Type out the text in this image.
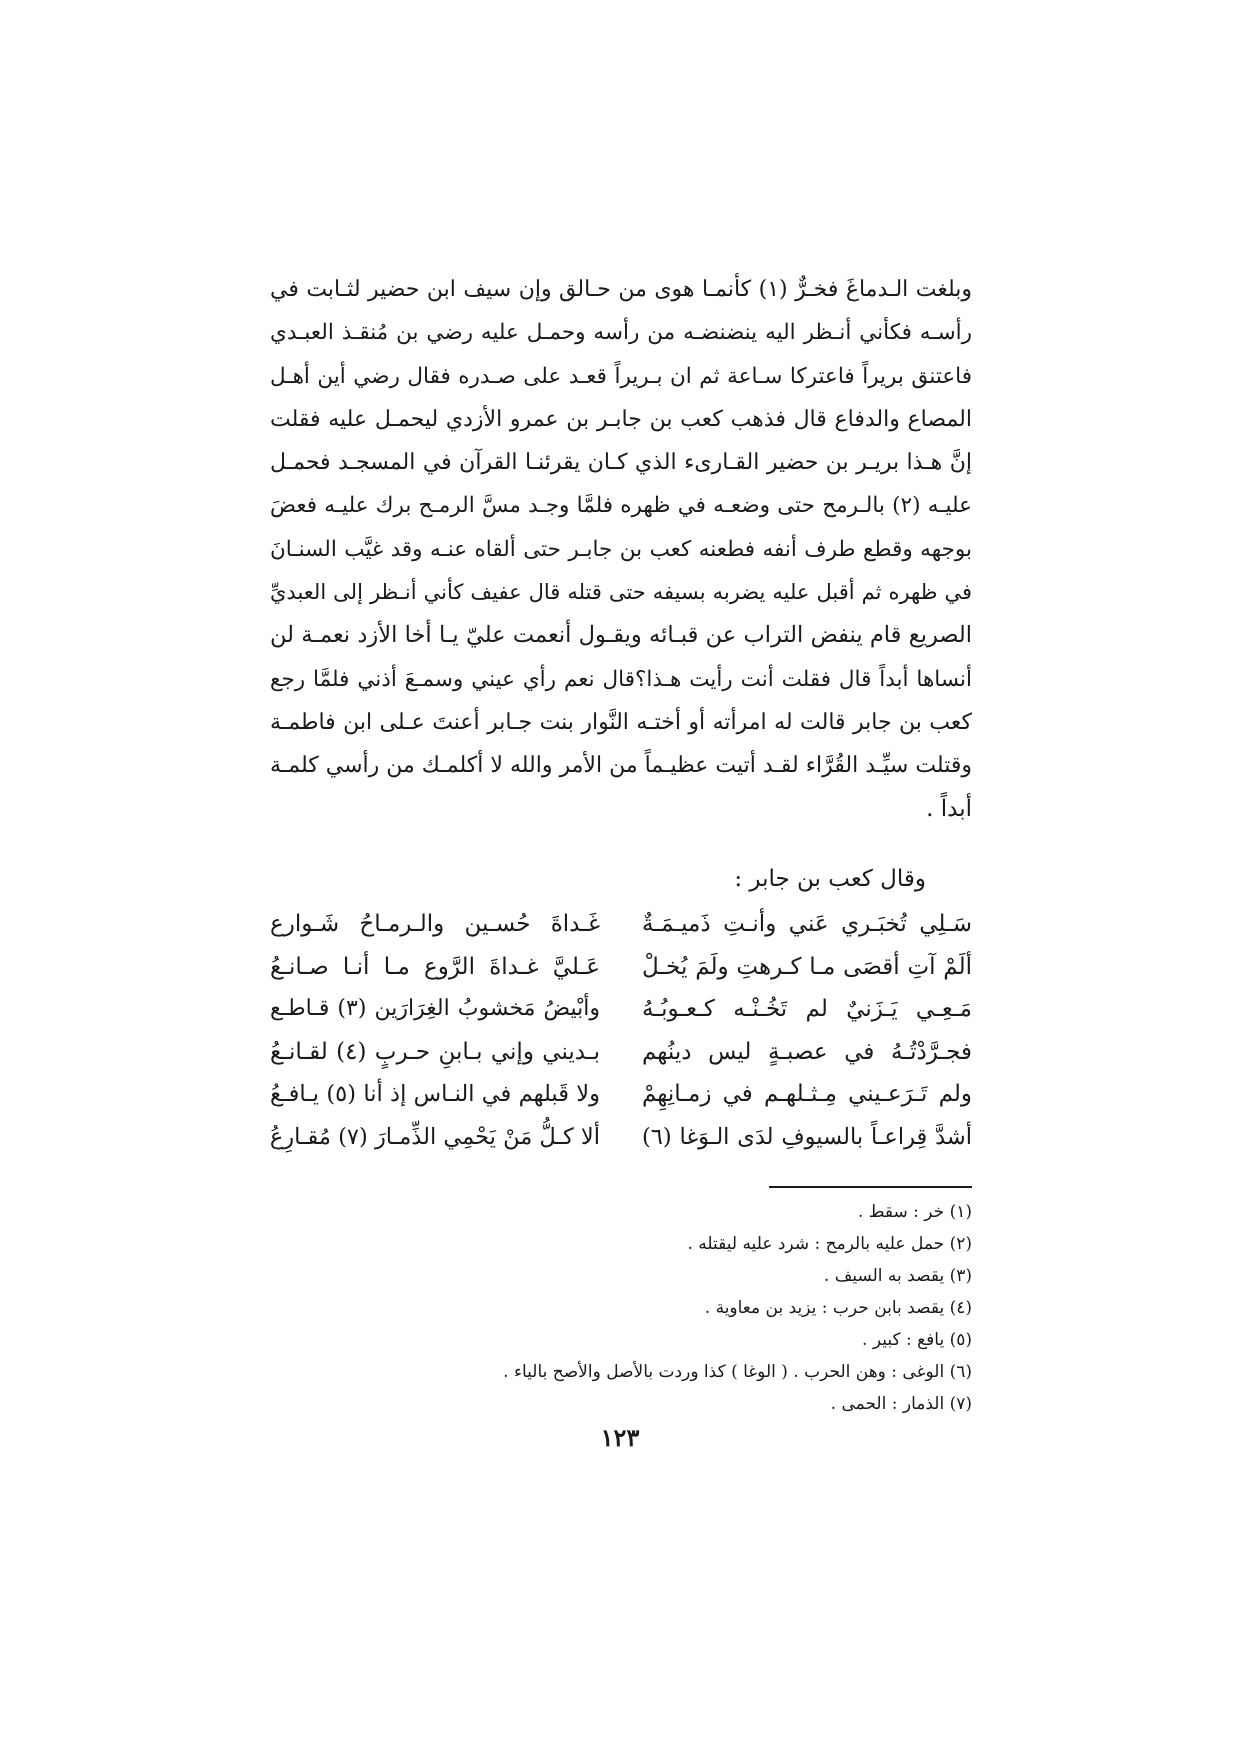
وبلغت الـدماغَ فخـرٌّ (١) كأنمـا هوى من حـالق وإن سيف ابن حضير لثـابت في
رأسـه فكأني أنـظر اليه ينضنضـه من رأسه وحمـل عليه رضي بن مُنقـذ العبـدي
فاعتنق بريراً فاعتركا سـاعة ثم ان بـريراً قعـد على صـدره فقال رضي أين أهـل
المصاع والدفاع قال فذهب كعب بن جابـر بن عمرو الأزدي ليحمـل عليه فقلت
إنَّ هـذا بريـر بن حضير القـارىء الذي كـان يقرئنـا القرآن في المسجـد فحمـل
عليـه (٢) بالـرمح حتى وضعـه في ظهره فلمَّا وجـد مسَّ الرمـح برك عليـه فعضَ
بوجهه وقطع طرف أنفه فطعنه كعب بن جابـر حتى ألقاه عنـه وقد غيَّب السنـانَ
في ظهره ثم أقبل عليه يضربه بسيفه حتى قتله قال عفيف كأني أنـظر إلى العبديِّ
الصريع قام ينفض التراب عن قبـائه ويقـول أنعمت عليّ يـا أخا الأزد نعمـة لن
أنساها أبداً قال فقلت أنت رأيت هـذا؟قال نعم رأي عيني وسمـعَ أذني فلمَّا رجع
كعب بن جابر قالت له امرأته أو أختـه النَّوار بنت جـابر أعنتَ عـلى ابن فاطمـة
وقتلت سيِّـد القُرَّاء لقـد أتيت عظيـماً من الأمر والله لا أكلمـك من رأسي كلمـة
أبداً .

وقال كعب بن جابر :

سَـلِي تُخبَـري عَني وأنـتِ ذَميـمَـةٌ
غَـداةَ حُسـين والـرمـاحُ شَـوارع
ألَمْ آتِ أقصَى مـا كـرهتِ ولَمَ يُخـلْ
عَـليَّ غـداةَ الرَّوع مـا أنـا صـانـعُ
مَـعِـي يَـزَنيٌ لم تَخُـنْـه كـعـوبُـهُ
وأبْيضُ مَخشوبُ الغِرَارَين (٣) قـاطـع
فجـرَّدْتُـهُ في عصبـةٍ ليس دينُهم
بـديني وإني بـابنِ حـربٍ (٤) لقـانـعُ
ولم تَـرَعـيني مِـثـلهـم في زمـانِهِمْ
ولا قَبلهم في النـاس إذ أنا (٥) يـافـعُ
أشدَّ قِراعـاً بالسيوفِ لدَى الـوَغا (٦)
ألا كـلُّ مَنْ يَحْمِي الذِّمـارَ (٧) مُقـارِعُ
(١) خر : سقط .
(٢) حمل عليه بالرمح : شرد عليه ليقتله .
(٣) يقصد به السيف .
(٤) يقصد بابن حرب : يزيد بن معاوية .
(٥) يافع : كبير .
(٦) الوغى : وهن الحرب . ( الوغا ) كذا وردت بالأصل والأصح بالياء .
(٧) الذمار : الحمى .
١٢٣
